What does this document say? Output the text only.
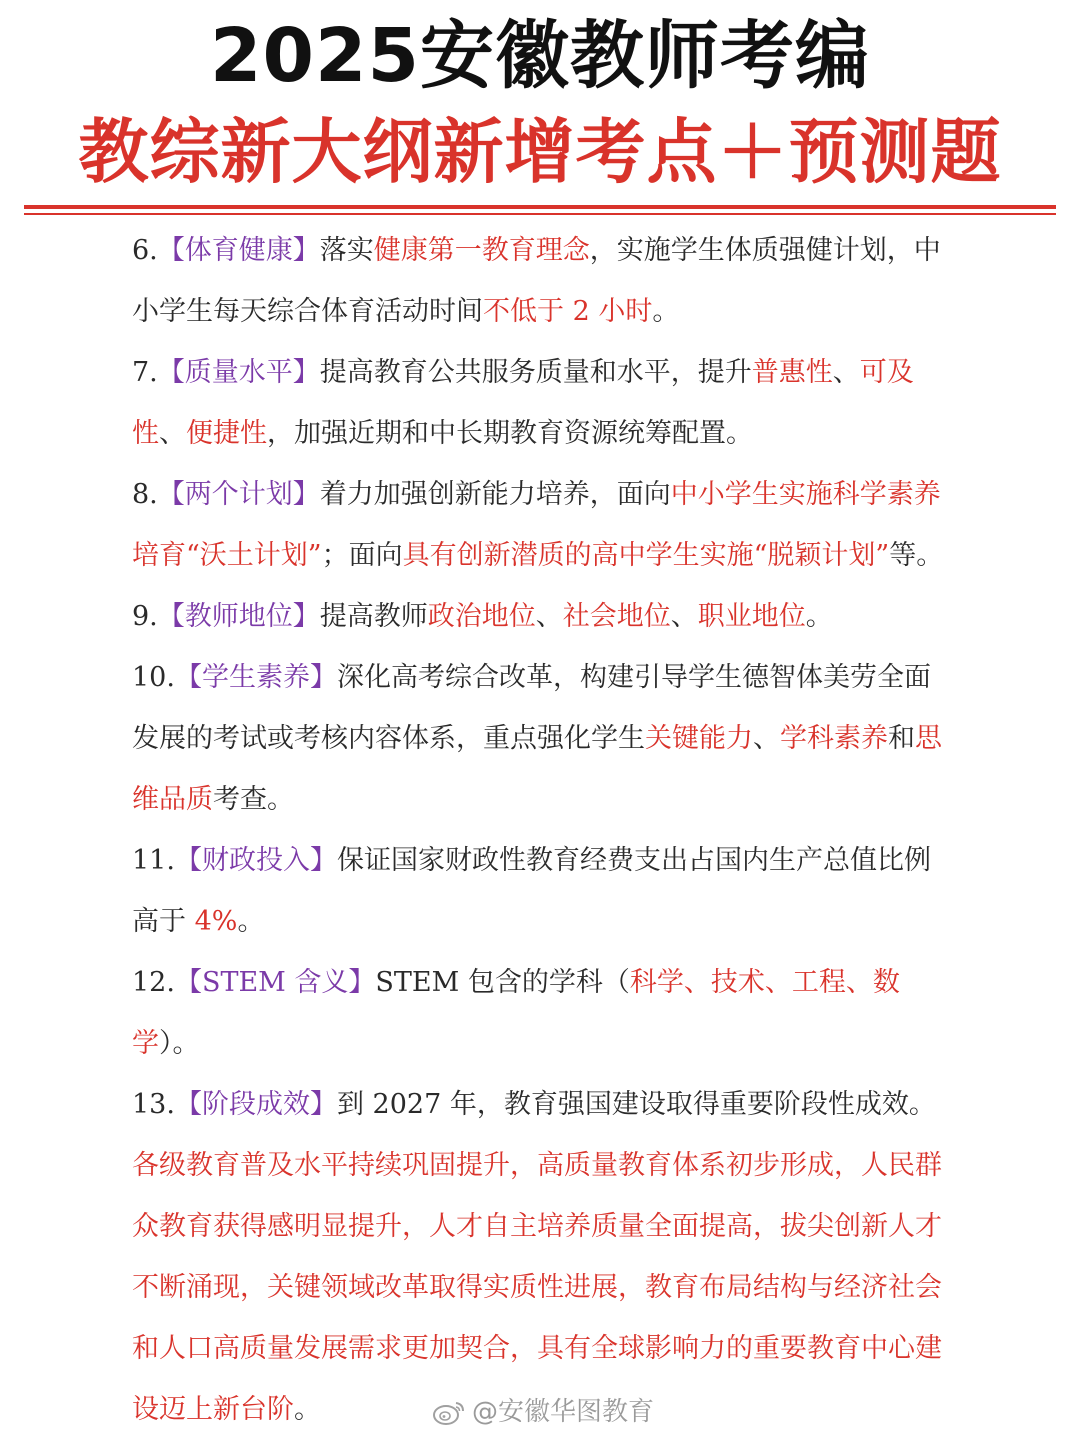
2025安徽教师考编
教综新大纲新增考点＋预测题

6.【体育健康】落实健康第一教育理念，实施学生体质强健计划，中小学生每天综合体育活动时间不低于 2 小时。

7.【质量水平】提高教育公共服务质量和水平，提升普惠性、可及性、便捷性，加强近期和中长期教育资源统筹配置。

8.【两个计划】着力加强创新能力培养，面向中小学生实施科学素养培育“沃土计划”；面向具有创新潜质的高中学生实施“脱颖计划”等。

9.【教师地位】提高教师政治地位、社会地位、职业地位。

10.【学生素养】深化高考综合改革，构建引导学生德智体美劳全面发展的考试或考核内容体系，重点强化学生关键能力、学科素养和思维品质考查。

11.【财政投入】保证国家财政性教育经费支出占国内生产总值比例高于 4%。

12.【STEM 含义】STEM 包含的学科（科学、技术、工程、数学）。

13.【阶段成效】到 2027 年，教育强国建设取得重要阶段性成效。各级教育普及水平持续巩固提升，高质量教育体系初步形成，人民群众教育获得感明显提升，人才自主培养质量全面提高，拔尖创新人才不断涌现，关键领域改革取得实质性进展，教育布局结构与经济社会和人口高质量发展需求更加契合，具有全球影响力的重要教育中心建设迈上新台阶。	@安徽华图教育
